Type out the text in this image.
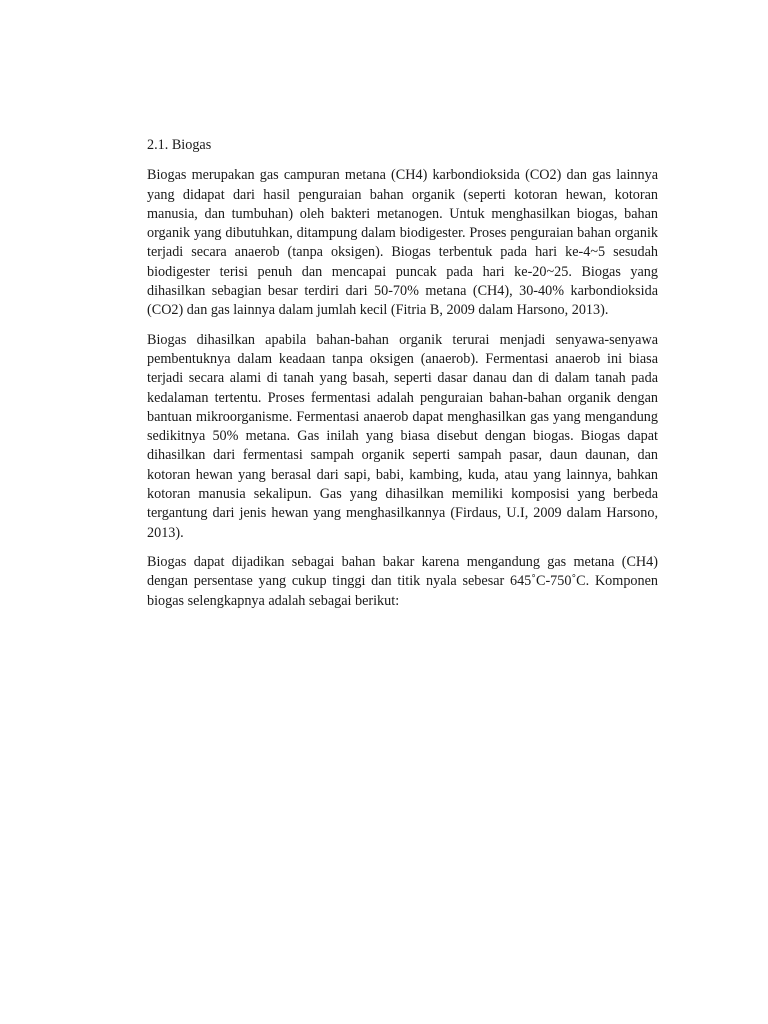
2.1. Biogas

Biogas merupakan gas campuran metana (CH4) karbondioksida (CO2) dan gas lainnya yang didapat dari hasil penguraian bahan organik (seperti kotoran hewan, kotoran manusia, dan tumbuhan) oleh bakteri metanogen. Untuk menghasilkan biogas, bahan organik yang dibutuhkan, ditampung dalam biodigester. Proses penguraian bahan organik terjadi secara anaerob (tanpa oksigen). Biogas terbentuk pada hari ke-4~5 sesudah biodigester terisi penuh dan mencapai puncak pada hari ke-20~25. Biogas yang dihasilkan sebagian besar terdiri dari 50-70% metana (CH4), 30-40% karbondioksida (CO2) dan gas lainnya dalam jumlah kecil (Fitria B, 2009 dalam Harsono, 2013).

Biogas dihasilkan apabila bahan-bahan organik terurai menjadi senyawa-senyawa pembentuknya dalam keadaan tanpa oksigen (anaerob). Fermentasi anaerob ini biasa terjadi secara alami di tanah yang basah, seperti dasar danau dan di dalam tanah pada kedalaman tertentu. Proses fermentasi adalah penguraian bahan-bahan organik dengan bantuan mikroorganisme. Fermentasi anaerob dapat menghasilkan gas yang mengandung sedikitnya 50% metana. Gas inilah yang biasa disebut dengan biogas. Biogas dapat dihasilkan dari fermentasi sampah organik seperti sampah pasar, daun daunan, dan kotoran hewan yang berasal dari sapi, babi, kambing, kuda, atau yang lainnya, bahkan kotoran manusia sekalipun. Gas yang dihasilkan memiliki komposisi yang berbeda tergantung dari jenis hewan yang menghasilkannya (Firdaus, U.I, 2009 dalam Harsono, 2013).

Biogas dapat dijadikan sebagai bahan bakar karena mengandung gas metana (CH4) dengan persentase yang cukup tinggi dan titik nyala sebesar 645˚C-750˚C. Komponen biogas selengkapnya adalah sebagai berikut:
